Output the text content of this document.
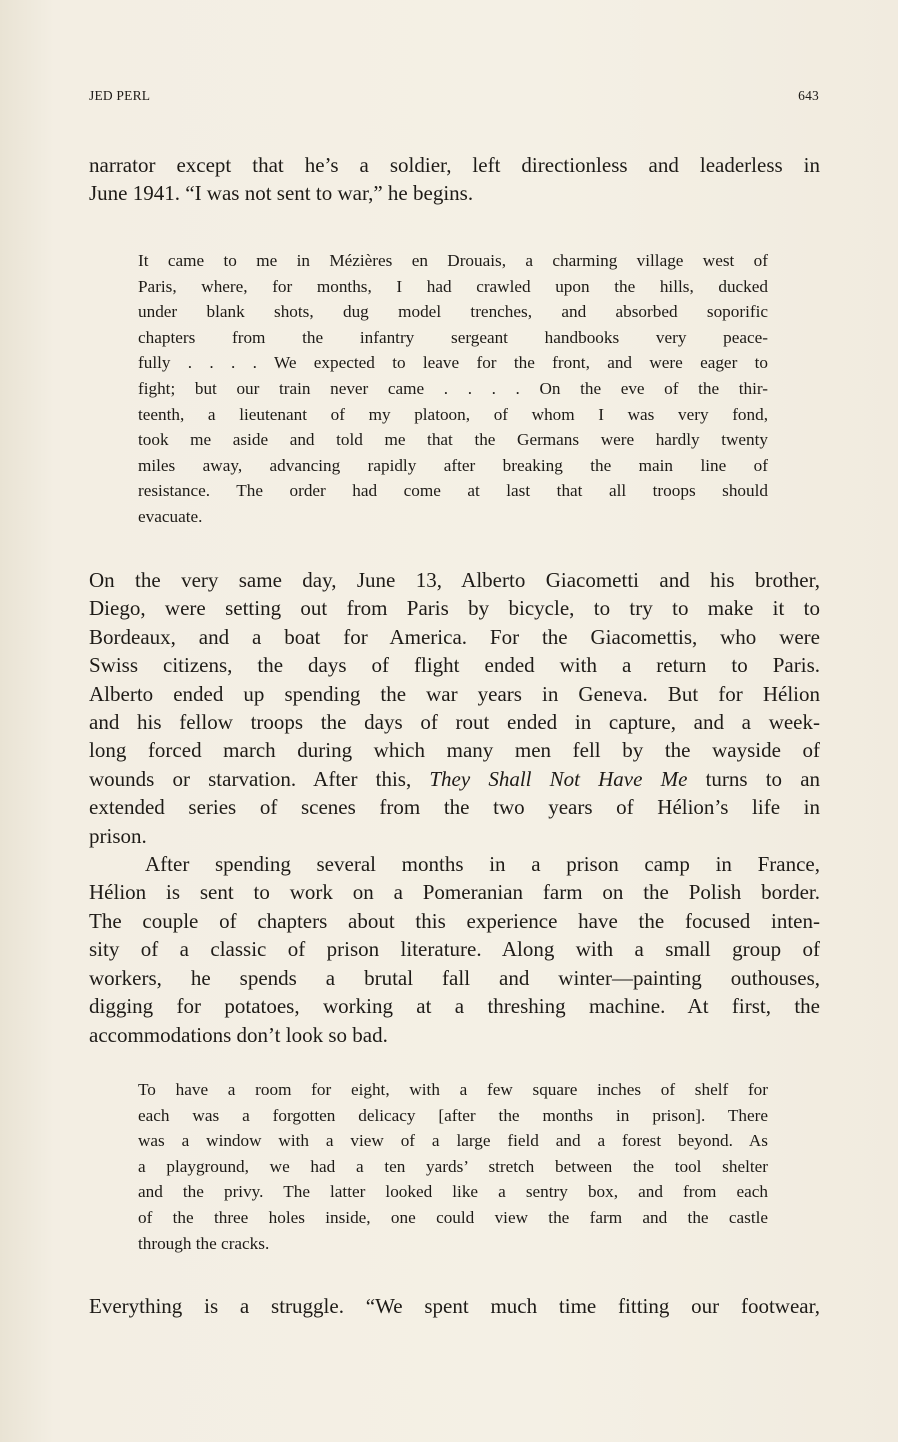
JED PERL	643

narrator except that he’s a soldier, left directionless and leaderless in
June 1941. “I was not sent to war,” he begins.

It came to me in Mézières en Drouais, a charming village west of
Paris, where, for months, I had crawled upon the hills, ducked
under blank shots, dug model trenches, and absorbed soporific
chapters from the infantry sergeant handbooks very peace-
fully . . . . We expected to leave for the front, and were eager to
fight; but our train never came . . . . On the eve of the thir-
teenth, a lieutenant of my platoon, of whom I was very fond,
took me aside and told me that the Germans were hardly twenty
miles away, advancing rapidly after breaking the main line of
resistance. The order had come at last that all troops should
evacuate.
On the very same day, June 13, Alberto Giacometti and his brother,
Diego, were setting out from Paris by bicycle, to try to make it to
Bordeaux, and a boat for America. For the Giacomettis, who were
Swiss citizens, the days of flight ended with a return to Paris.
Alberto ended up spending the war years in Geneva. But for Hélion
and his fellow troops the days of rout ended in capture, and a week-
long forced march during which many men fell by the wayside of
wounds or starvation. After this, They Shall Not Have Me turns to an
extended series of scenes from the two years of Hélion’s life in
prison.
After spending several months in a prison camp in France,
Hélion is sent to work on a Pomeranian farm on the Polish border.
The couple of chapters about this experience have the focused inten-
sity of a classic of prison literature. Along with a small group of
workers, he spends a brutal fall and winter—painting outhouses,
digging for potatoes, working at a threshing machine. At first, the
accommodations don’t look so bad.
To have a room for eight, with a few square inches of shelf for
each was a forgotten delicacy [after the months in prison]. There
was a window with a view of a large field and a forest beyond. As
a playground, we had a ten yards’ stretch between the tool shelter
and the privy. The latter looked like a sentry box, and from each
of the three holes inside, one could view the farm and the castle
through the cracks.

Everything is a struggle. “We spent much time fitting our footwear,
